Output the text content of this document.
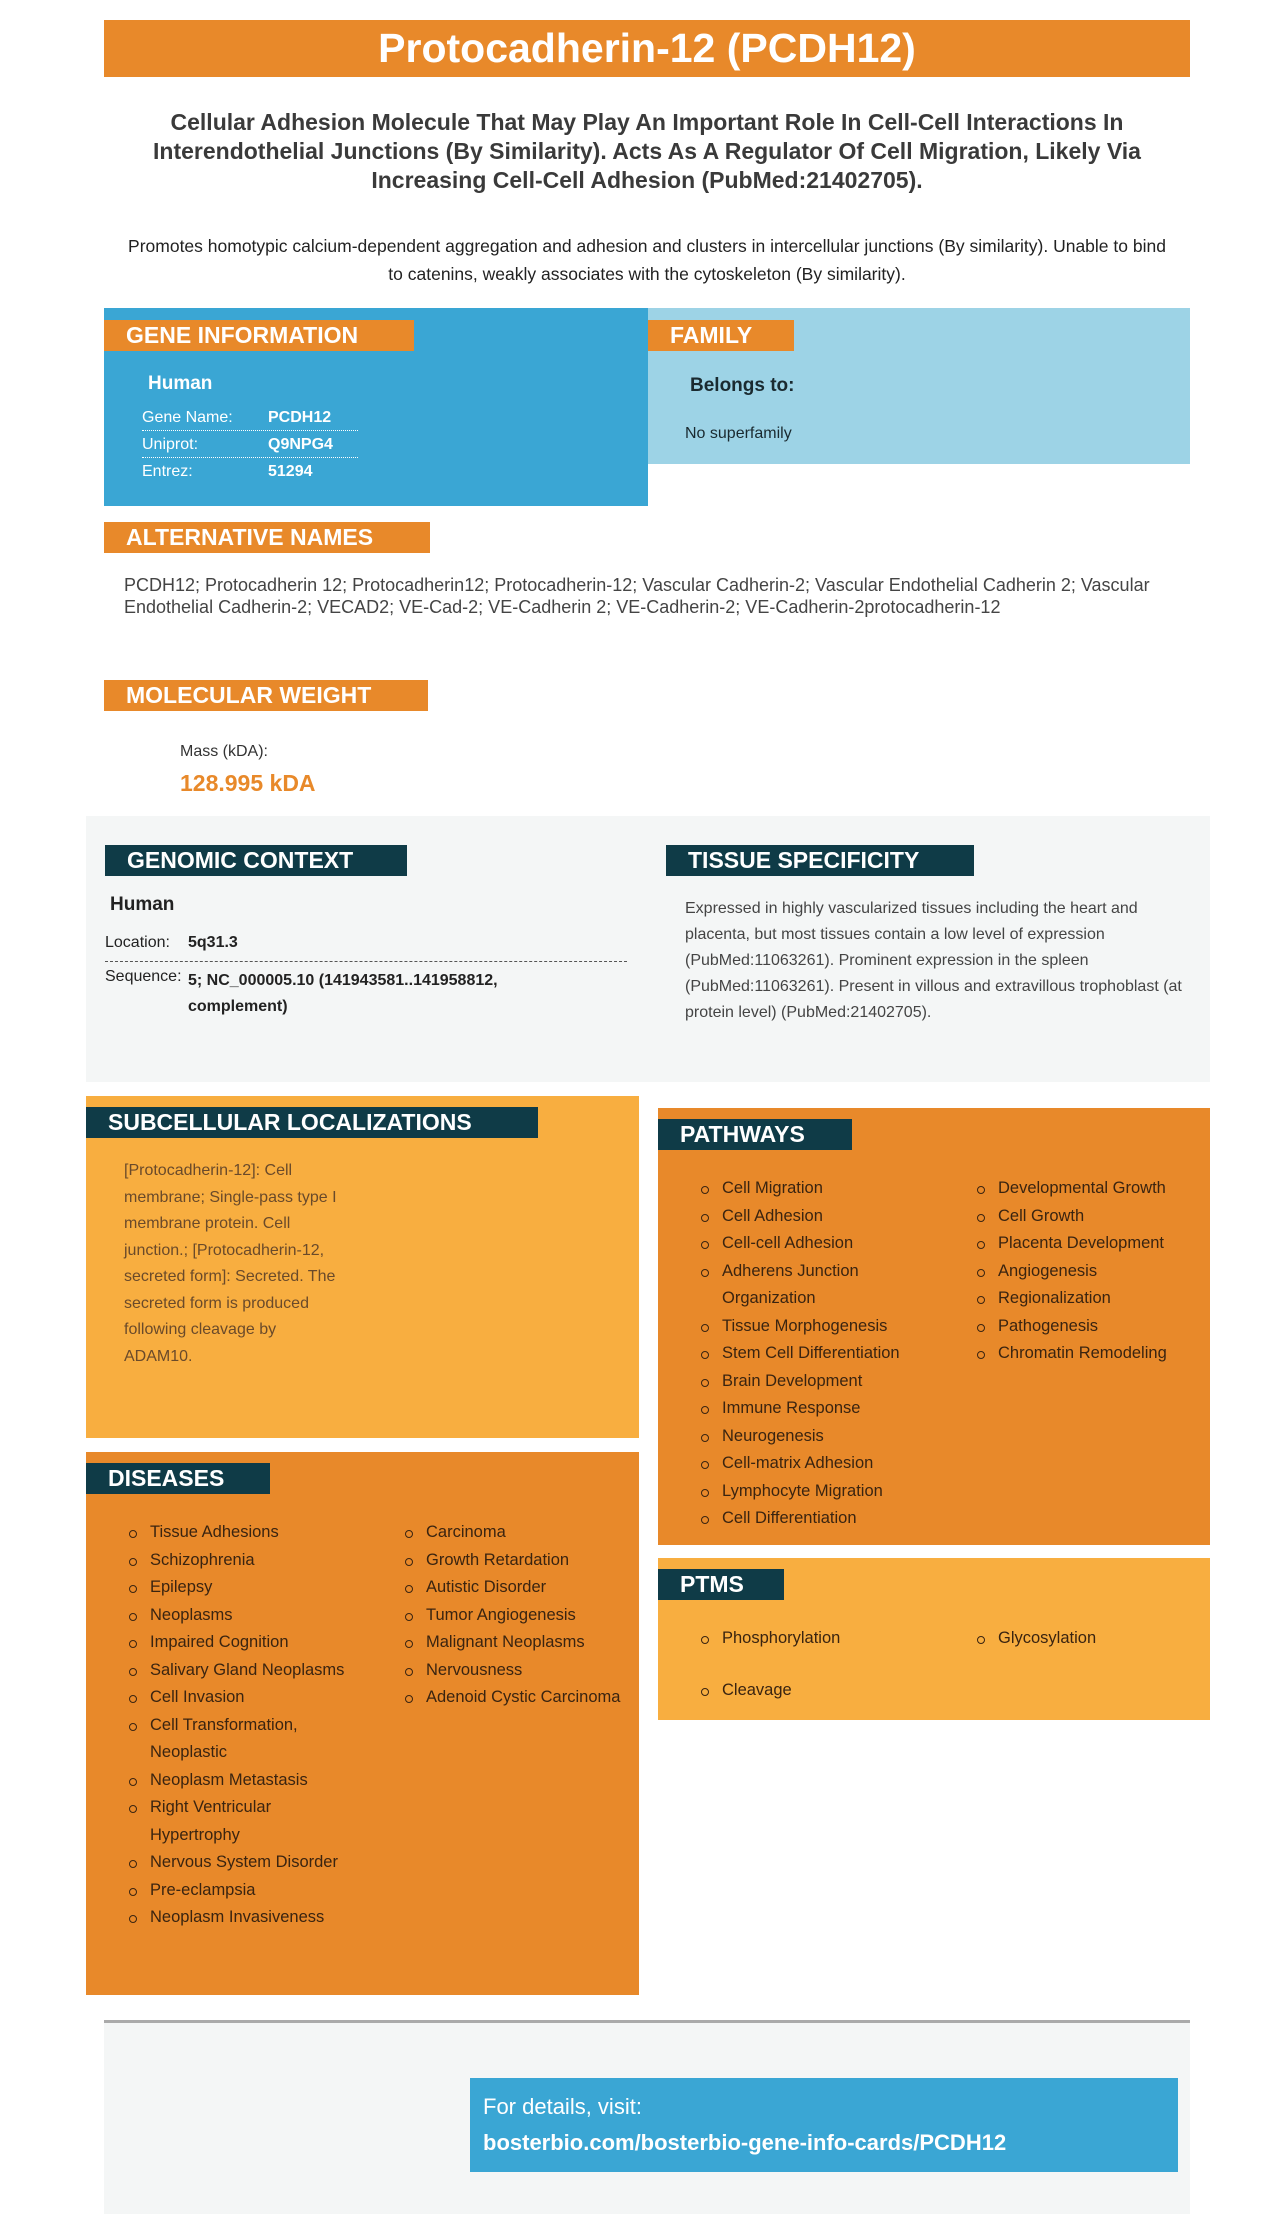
Protocadherin-12 (PCDH12)
Cellular Adhesion Molecule That May Play An Important Role In Cell-Cell Interactions In Interendothelial Junctions (By Similarity). Acts As A Regulator Of Cell Migration, Likely Via Increasing Cell-Cell Adhesion (PubMed:21402705).
Promotes homotypic calcium-dependent aggregation and adhesion and clusters in intercellular junctions (By similarity). Unable to bind to catenins, weakly associates with the cytoskeleton (By similarity).
GENE INFORMATION
Human
Gene Name: PCDH12
Uniprot:	Q9NPG4
Entrez:	51294
FAMILY
Belongs to:
No superfamily
ALTERNATIVE NAMES
PCDH12; Protocadherin 12; Protocadherin12; Protocadherin-12; Vascular Cadherin-2; Vascular Endothelial Cadherin 2; Vascular Endothelial Cadherin-2; VECAD2; VE-Cad-2; VE-Cadherin 2; VE-Cadherin-2; VE-Cadherin-2protocadherin-12
MOLECULAR WEIGHT
Mass (kDA):
128.995 kDA
GENOMIC CONTEXT
Human
Location: 5q31.3
Sequence: 5; NC_000005.10 (141943581..141958812, complement)
TISSUE SPECIFICITY
Expressed in highly vascularized tissues including the heart and placenta, but most tissues contain a low level of expression (PubMed:11063261). Prominent expression in the spleen (PubMed:11063261). Present in villous and extravillous trophoblast (at protein level) (PubMed:21402705).
SUBCELLULAR LOCALIZATIONS
[Protocadherin-12]: Cell membrane; Single-pass type I membrane protein. Cell junction.; [Protocadherin-12, secreted form]: Secreted. The secreted form is produced following cleavage by ADAM10.
DISEASES
Tissue Adhesions
Schizophrenia
Epilepsy
Neoplasms
Impaired Cognition
Salivary Gland Neoplasms
Cell Invasion
Cell Transformation, Neoplastic
Neoplasm Metastasis
Right Ventricular Hypertrophy
Nervous System Disorder
Pre-eclampsia
Neoplasm Invasiveness
Carcinoma
Growth Retardation
Autistic Disorder
Tumor Angiogenesis
Malignant Neoplasms
Nervousness
Adenoid Cystic Carcinoma
PATHWAYS
Cell Migration
Cell Adhesion
Cell-cell Adhesion
Adherens Junction Organization
Tissue Morphogenesis
Stem Cell Differentiation
Brain Development
Immune Response
Neurogenesis
Cell-matrix Adhesion
Lymphocyte Migration
Cell Differentiation
Developmental Growth
Cell Growth
Placenta Development
Angiogenesis
Regionalization
Pathogenesis
Chromatin Remodeling
PTMS
Phosphorylation
Cleavage
Glycosylation
For details, visit:
bosterbio.com/bosterbio-gene-info-cards/PCDH12
